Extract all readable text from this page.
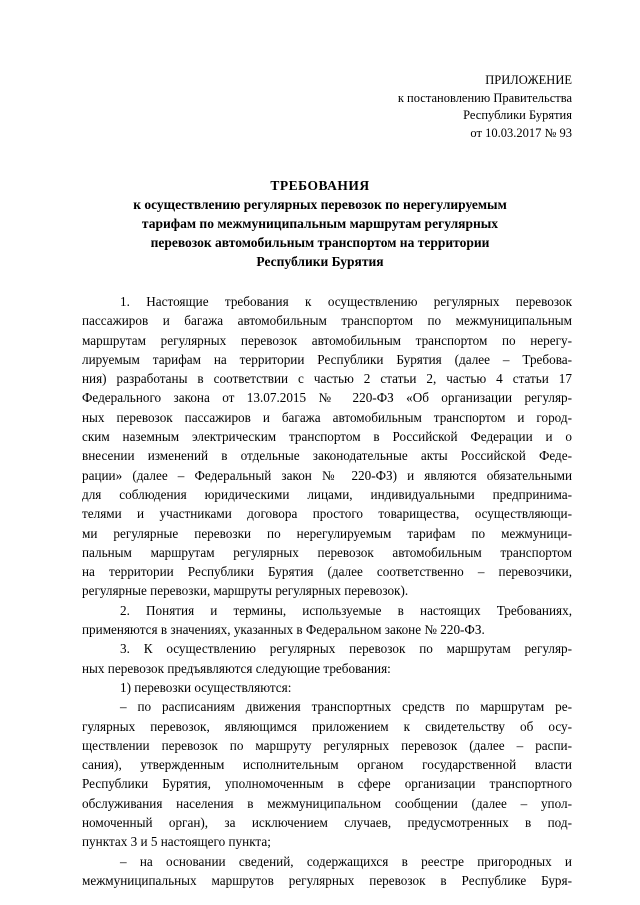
ПРИЛОЖЕНИЕ
к постановлению Правительства
Республики Бурятия
от 10.03.2017 № 93
ТРЕБОВАНИЯ
к осуществлению регулярных перевозок по нерегулируемым
тарифам по межмуниципальным маршрутам регулярных
перевозок автомобильным транспортом на территории
Республики Бурятия
1. Настоящие требования к осуществлению регулярных перевозок
пассажиров и багажа автомобильным транспортом по межмуниципальным
маршрутам регулярных перевозок автомобильным транспортом по нерегу-
лируемым тарифам на территории Республики Бурятия (далее – Требова-
ния) разработаны в соответствии с частью 2 статьи 2, частью 4 статьи 17
Федерального закона от 13.07.2015 № 220-ФЗ «Об организации регуляр-
ных перевозок пассажиров и багажа автомобильным транспортом и город-
ским наземным электрическим транспортом в Российской Федерации и о
внесении изменений в отдельные законодательные акты Российской Феде-
рации» (далее – Федеральный закон № 220-ФЗ) и являются обязательными
для соблюдения юридическими лицами, индивидуальными предпринима-
телями и участниками договора простого товарищества, осуществляющи-
ми регулярные перевозки по нерегулируемым тарифам по межмуници-
пальным маршрутам регулярных перевозок автомобильным транспортом
на территории Республики Бурятия (далее соответственно – перевозчики,
регулярные перевозки, маршруты регулярных перевозок).
2. Понятия и термины, используемые в настоящих Требованиях,
применяются в значениях, указанных в Федеральном законе № 220-ФЗ.
3. К осуществлению регулярных перевозок по маршрутам регуляр-
ных перевозок предъявляются следующие требования:
1) перевозки осуществляются:
– по расписаниям движения транспортных средств по маршрутам ре-
гулярных перевозок, являющимся приложением к свидетельству об осу-
ществлении перевозок по маршруту регулярных перевозок (далее – распи-
сания), утвержденным исполнительным органом государственной власти
Республики Бурятия, уполномоченным в сфере организации транспортного
обслуживания населения в межмуниципальном сообщении (далее – упол-
номоченный орган), за исключением случаев, предусмотренных в под-
пунктах 3 и 5 настоящего пункта;
– на основании сведений, содержащихся в реестре пригородных и
межмуниципальных маршрутов регулярных перевозок в Республике Буря-
